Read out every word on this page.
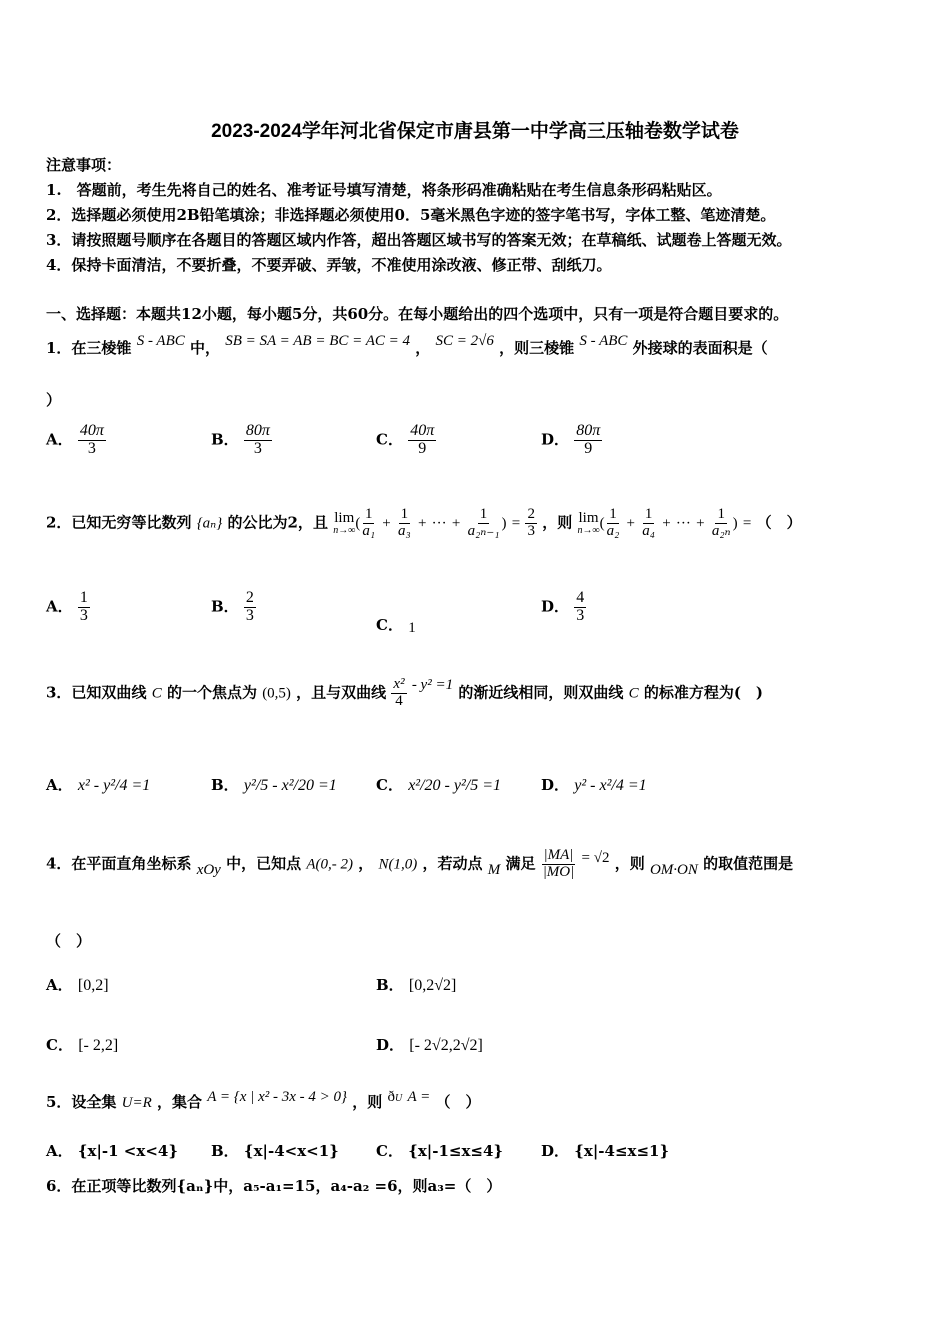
2023-2024学年河北省保定市唐县第一中学高三压轴卷数学试卷
注意事项：
1.　答题前，考生先将自己的姓名、准考证号填写清楚，将条形码准确粘贴在考生信息条形码粘贴区。
2．选择题必须使用2B铅笔填涂；非选择题必须使用0．5毫米黑色字迹的签字笔书写，字体工整、笔迹清楚。
3．请按照题号顺序在各题目的答题区域内作答，超出答题区域书写的答案无效；在草稿纸、试题卷上答题无效。
4．保持卡面清洁，不要折叠，不要弄破、弄皱，不准使用涂改液、修正带、刮纸刀。
一、选择题：本题共12小题，每小题5分，共60分。在每小题给出的四个选项中，只有一项是符合题目要求的。
1．在三棱锥 S - ABC 中， SB = SA = AB = BC = AC = 4 ， SC = 2√6 ，则三棱锥 S - ABC 外接球的表面积是（
）
A． $\frac{40\pi}{3}$	B． $\frac{80\pi}{3}$	C． $\frac{40\pi}{9}$	D． $\frac{80\pi}{9}$
2．已知无穷等比数列 {aₙ} 的公比为2，且 lim
n→∞ ( $\frac{1}{\text{a₁}} + \frac{1}{\text{a₃}}$ + ··· + $\frac{1}{\text{a₂ₙ₋₁}}$ ) = $\frac{2}{3}$ ，则 lim
n→∞ ( $\frac{1}{\text{a₂}} + \frac{1}{\text{a₄}}$ + ··· + $\frac{1}{\text{a₂ₙ}}$ ) = （　）
A． $\frac{1}{3}$	B． $\frac{2}{3}$
C． 1
D． $\frac{4}{3}$
3．已知双曲线 C 的一个焦点为 (0,5) ，且与双曲线 $\frac{\text{x²}}{4} - y^2 =1$ 的渐近线相同，则双曲线 C 的标准方程为(　)
A． x² - y²/4 =1	B． y²/5 - x²/20 =1	C． x²/20 - y²/5 =1	D． y² - x²/4 =1
4．在平面直角坐标系 xOy 中，已知点 A(0,- 2) ， N(1,0) ，若动点 M 满足 $\frac{|MA|}{|MO|} = √2$ ，则 OM·ON 的取值范围是
（　）
A． [0,2]	B． [0,2√2]
C． [- 2,2]	D． [- 2√2,2√2]
5．设全集 U=R ，集合 A = {x | x² - 3x - 4 > 0} ，则 ðU A = （　）
A． {x|-1 <x<4} B． {x|-4<x<1} C． {x|-1≤x≤4}	D． {x|-4≤x≤1}
6．在正项等比数列{aₙ}中，a₅-a₁=15，a₄-a₂ =6，则a₃=（　）
